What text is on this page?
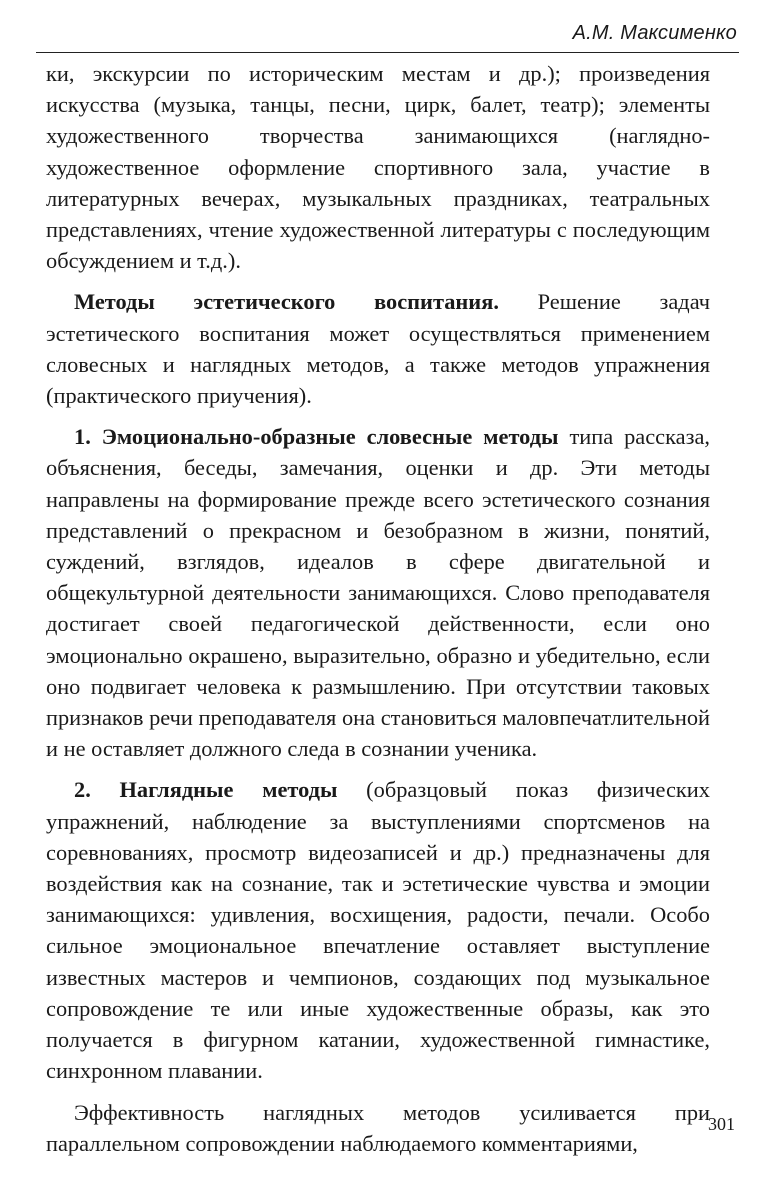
А.М. Максименко

ки, экскурсии по историческим местам и др.); произведения искусства (музыка, танцы, песни, цирк, балет, театр); элементы художественного творчества занимающихся (наглядно-художественное оформление спортивного зала, участие в литературных вечерах, музыкальных праздниках, театральных представлениях, чтение художественной литературы с последующим обсуждением и т.д.).

Методы эстетического воспитания. Решение задач эстетического воспитания может осуществляться применением словесных и наглядных методов, а также методов упражнения (практического приучения).

1. Эмоционально-образные словесные методы типа рассказа, объяснения, беседы, замечания, оценки и др. Эти методы направлены на формирование прежде всего эстетического сознания представлений о прекрасном и безобразном в жизни, понятий, суждений, взглядов, идеалов в сфере двигательной и общекультурной деятельности занимающихся. Слово преподавателя достигает своей педагогической действенности, если оно эмоционально окрашено, выразительно, образно и убедительно, если оно подвигает человека к размышлению. При отсутствии таковых признаков речи преподавателя она становиться маловпечатлительной и не оставляет должного следа в сознании ученика.

2. Наглядные методы (образцовый показ физических упражнений, наблюдение за выступлениями спортсменов на соревнованиях, просмотр видеозаписей и др.) предназначены для воздействия как на сознание, так и эстетические чувства и эмоции занимающихся: удивления, восхищения, радости, печали. Особо сильное эмоциональное впечатление оставляет выступление известных мастеров и чемпионов, создающих под музыкальное сопровождение те или иные художественные образы, как это получается в фигурном катании, художественной гимнастике, синхронном плавании.

Эффективность наглядных методов усиливается при параллельном сопровождении наблюдаемого комментариями,

301
